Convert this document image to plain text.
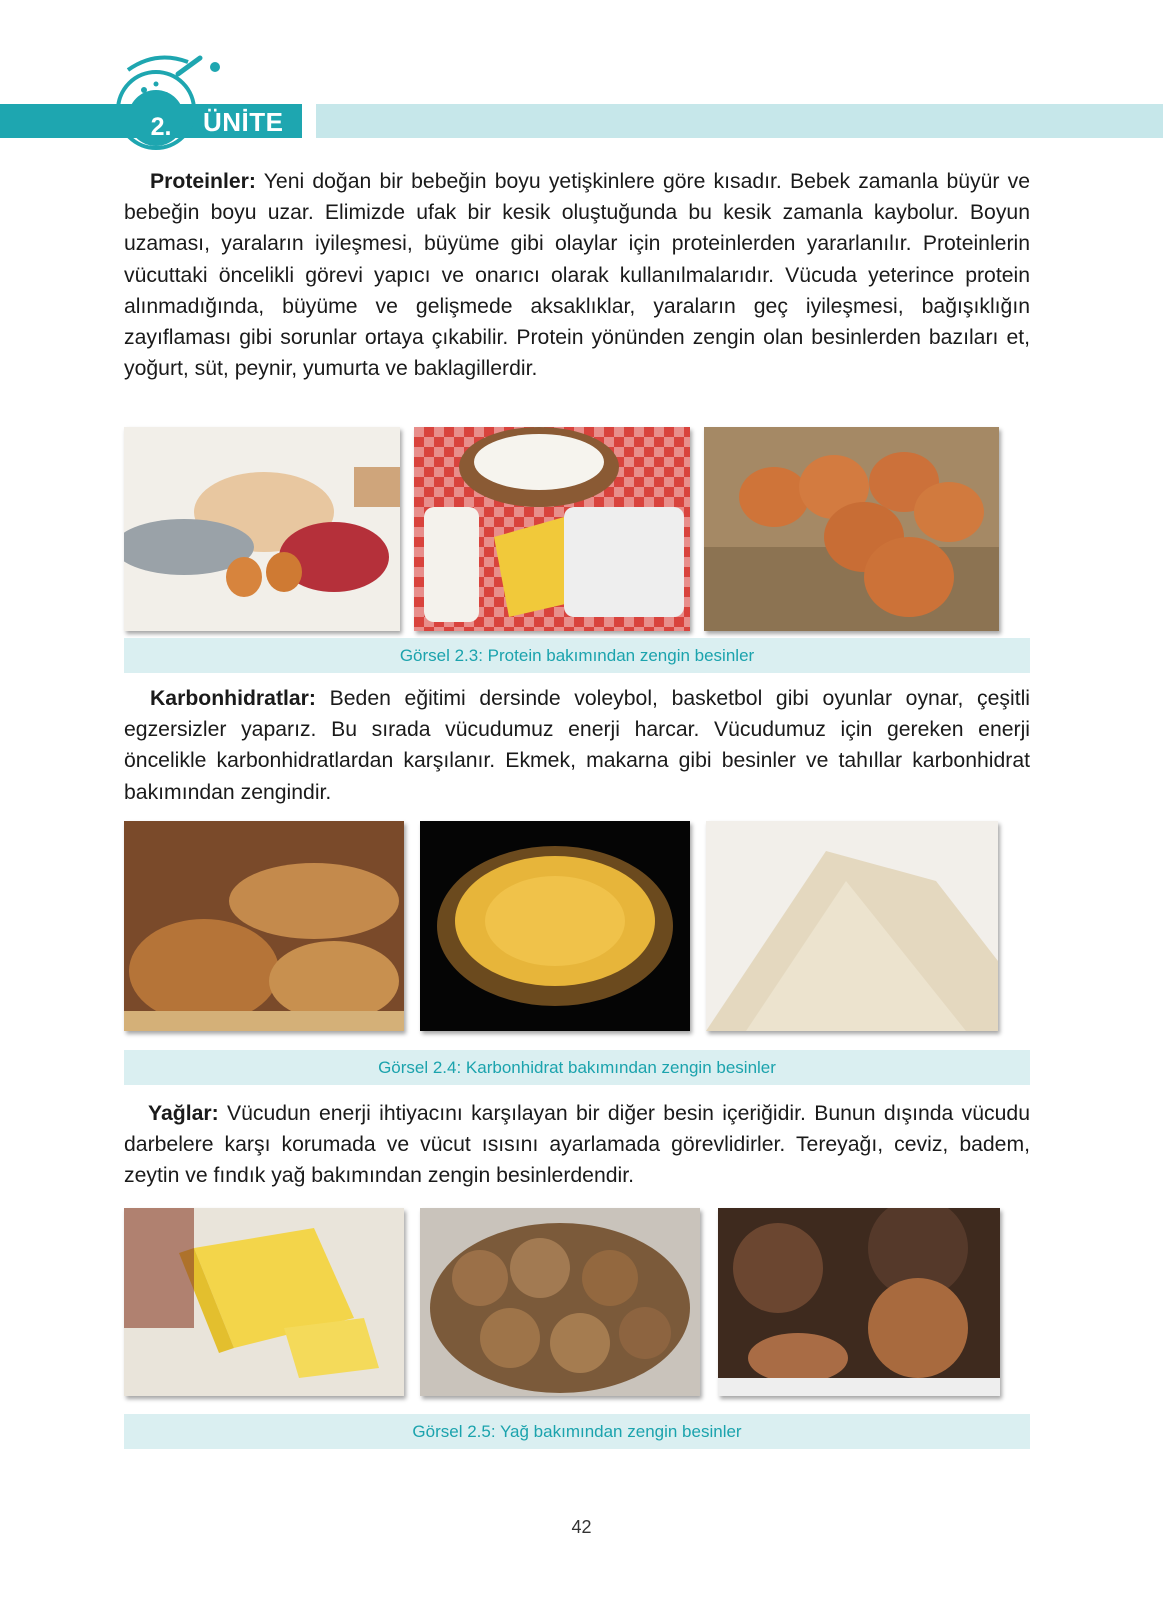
ÜNİTE
2.
Proteinler: Yeni doğan bir bebeğin boyu yetişkinlere göre kısadır. Bebek zamanla büyür ve bebeğin boyu uzar. Elimizde ufak bir kesik oluştuğunda bu kesik zamanla kaybolur. Boyun uzaması, yaraların iyileşmesi, büyüme gibi olaylar için proteinlerden yararlanılır. Proteinlerin vücuttaki öncelikli görevi yapıcı ve onarıcı olarak kullanılmalarıdır. Vücuda yeterince protein alınmadığında, büyüme ve gelişmede aksaklıklar, yaraların geç iyileşmesi, bağışıklığın zayıflaması gibi sorunlar ortaya çıkabilir. Protein yönünden zengin olan besinlerden bazıları et, yoğurt, süt, peynir, yumurta ve baklagillerdir.
Görsel 2.3: Protein bakımından zengin besinler
Karbonhidratlar: Beden eğitimi dersinde voleybol, basketbol gibi oyunlar oynar, çeşitli egzersizler yaparız. Bu sırada vücudumuz enerji harcar. Vücudumuz için gereken enerji öncelikle karbonhidratlardan karşılanır. Ekmek, makarna gibi besinler ve tahıllar karbonhidrat bakımından zengindir.
Görsel 2.4: Karbonhidrat bakımından zengin besinler
Yağlar: Vücudun enerji ihtiyacını karşılayan bir diğer besin içeriğidir. Bunun dışında vücudu darbelere karşı korumada ve vücut ısısını ayarlamada görevlidirler. Tereyağı, ceviz, badem, zeytin ve fındık yağ bakımından zengin besinlerdendir.
Görsel 2.5: Yağ bakımından zengin besinler
42
